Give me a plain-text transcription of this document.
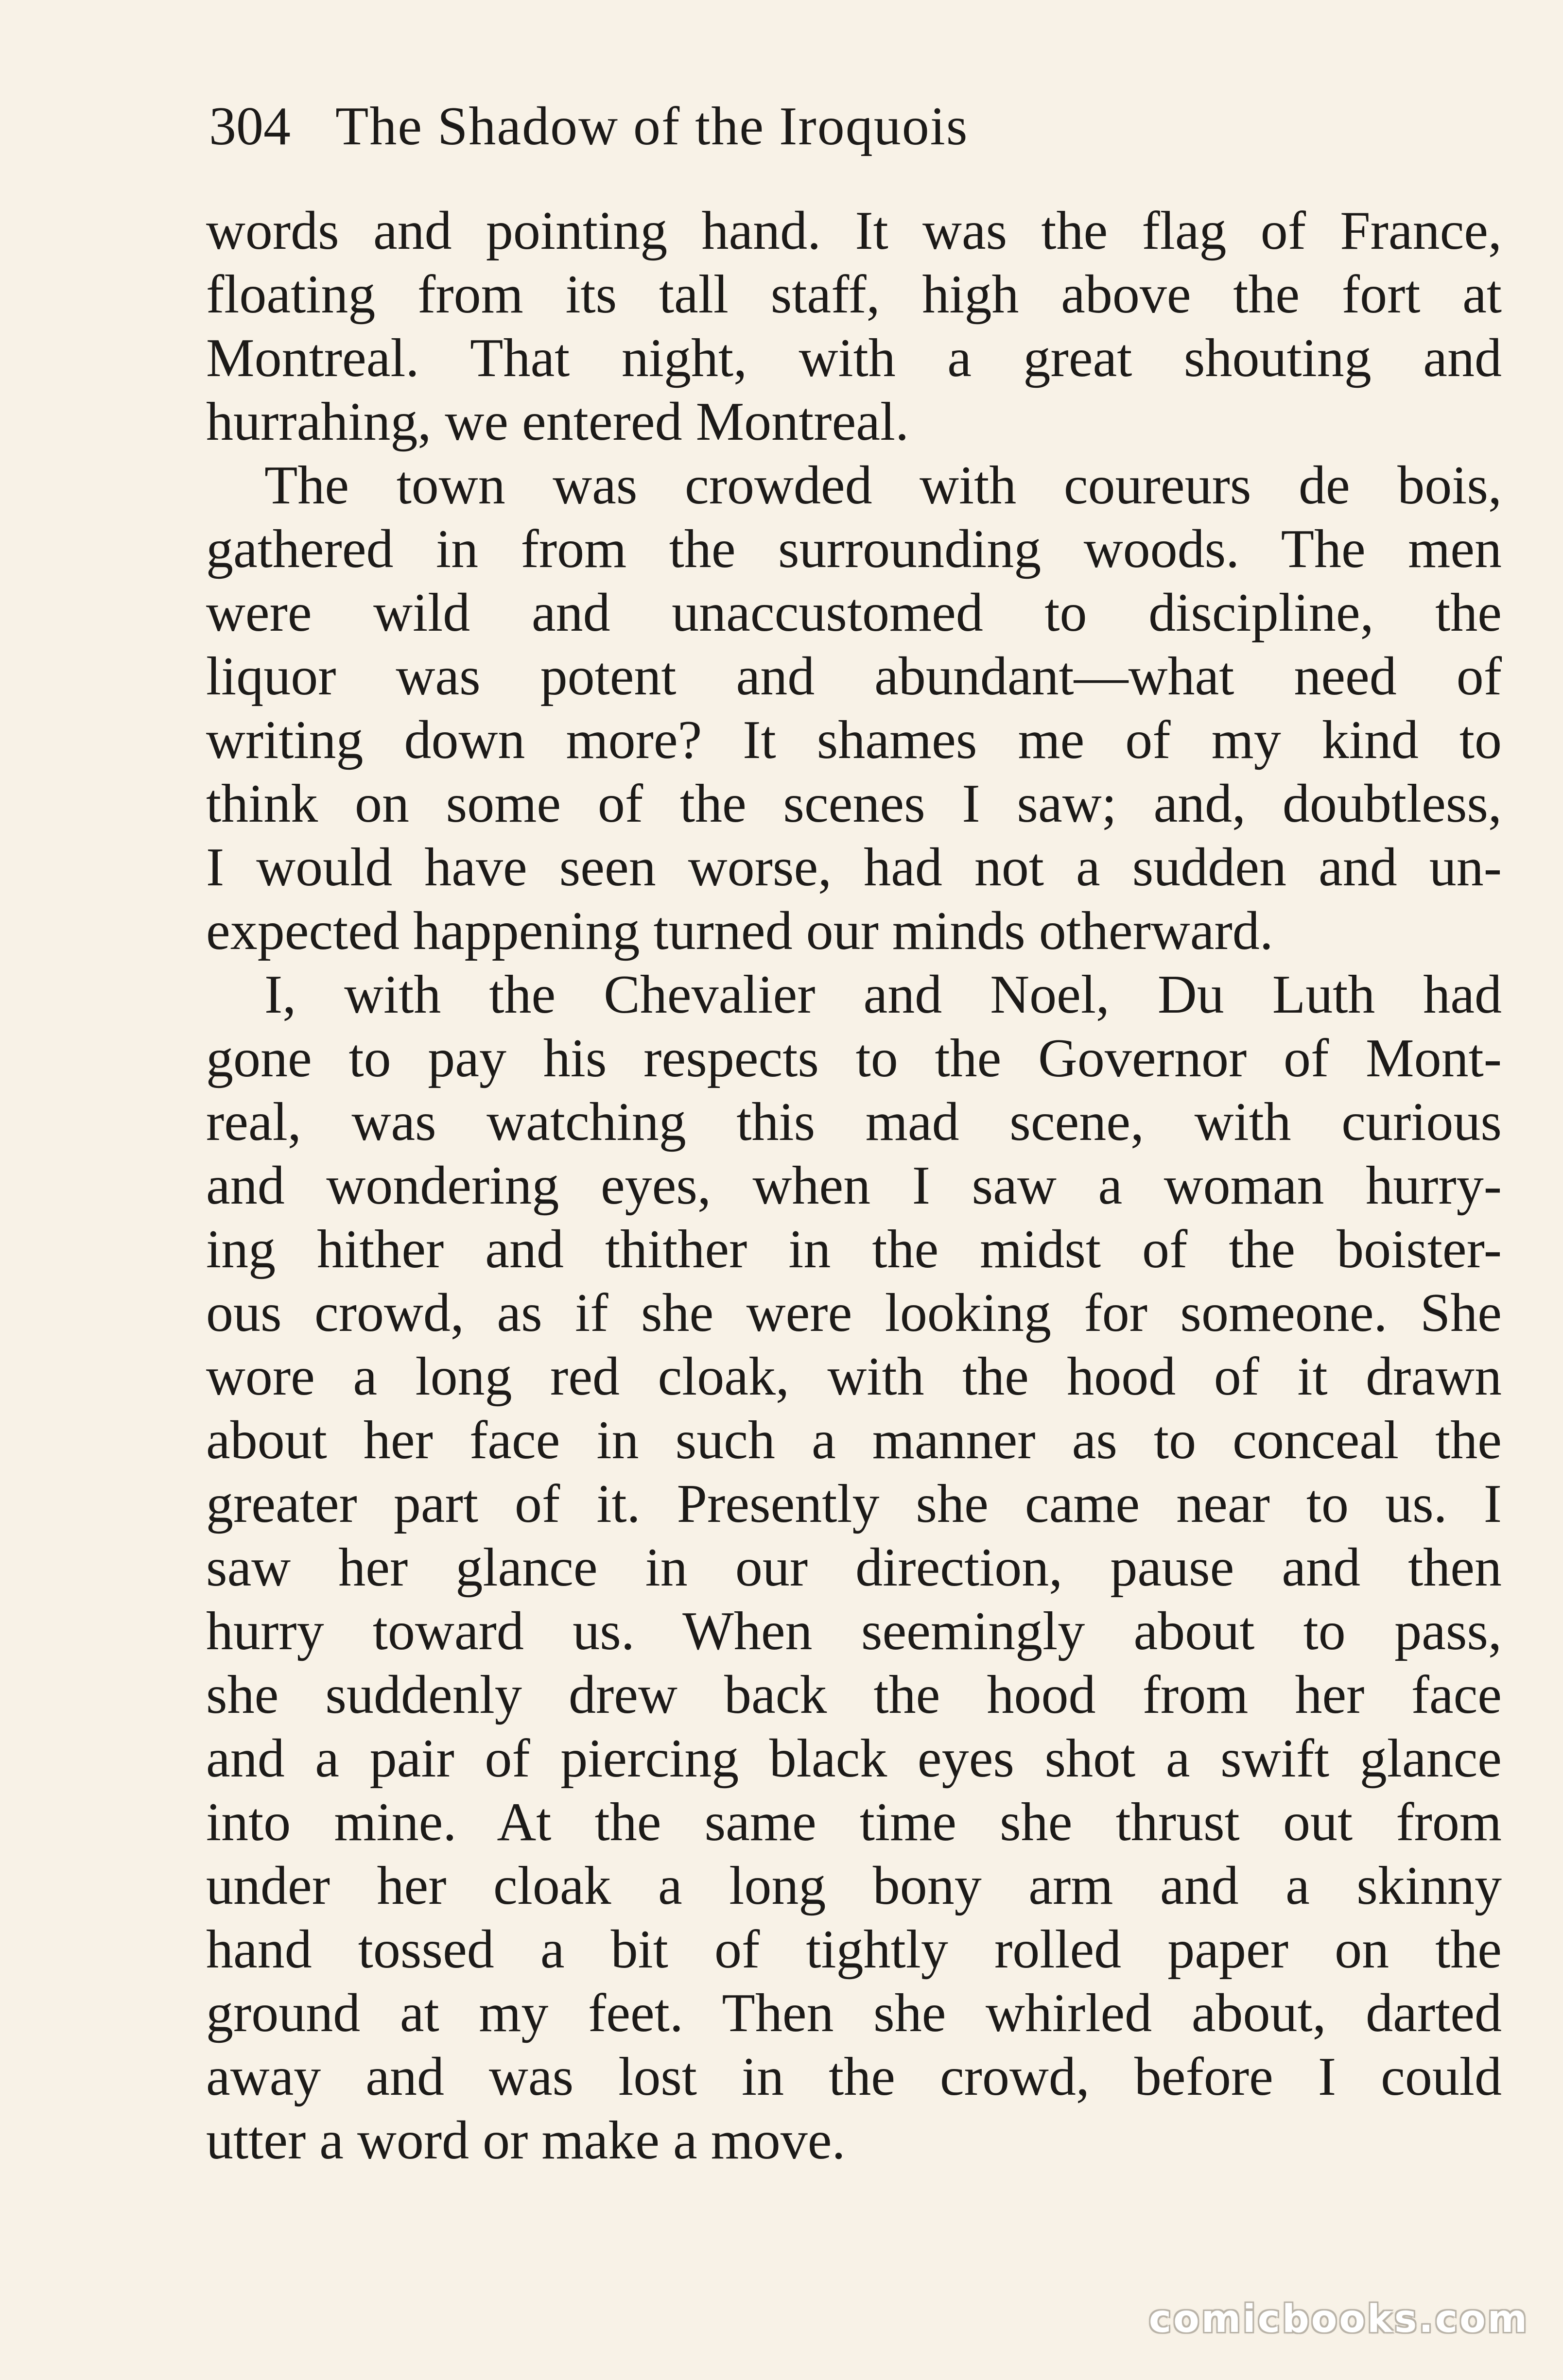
304 The Shadow of the Iroquois
words and pointing hand. It was the flag of France,
floating from its tall staff, high above the fort at
Montreal. That night, with a great shouting and
hurrahing, we entered Montreal.
The town was crowded with coureurs de bois,
gathered in from the surrounding woods. The men
were wild and unaccustomed to discipline, the
liquor was potent and abundant—what need of
writing down more? It shames me of my kind to
think on some of the scenes I saw; and, doubtless,
I would have seen worse, had not a sudden and un-
expected happening turned our minds otherward.
I, with the Chevalier and Noel, Du Luth had
gone to pay his respects to the Governor of Mont-
real, was watching this mad scene, with curious
and wondering eyes, when I saw a woman hurry-
ing hither and thither in the midst of the boister-
ous crowd, as if she were looking for someone. She
wore a long red cloak, with the hood of it drawn
about her face in such a manner as to conceal the
greater part of it. Presently she came near to us. I
saw her glance in our direction, pause and then
hurry toward us. When seemingly about to pass,
she suddenly drew back the hood from her face
and a pair of piercing black eyes shot a swift glance
into mine. At the same time she thrust out from
under her cloak a long bony arm and a skinny
hand tossed a bit of tightly rolled paper on the
ground at my feet. Then she whirled about, darted
away and was lost in the crowd, before I could
utter a word or make a move.
comicbooks.com
